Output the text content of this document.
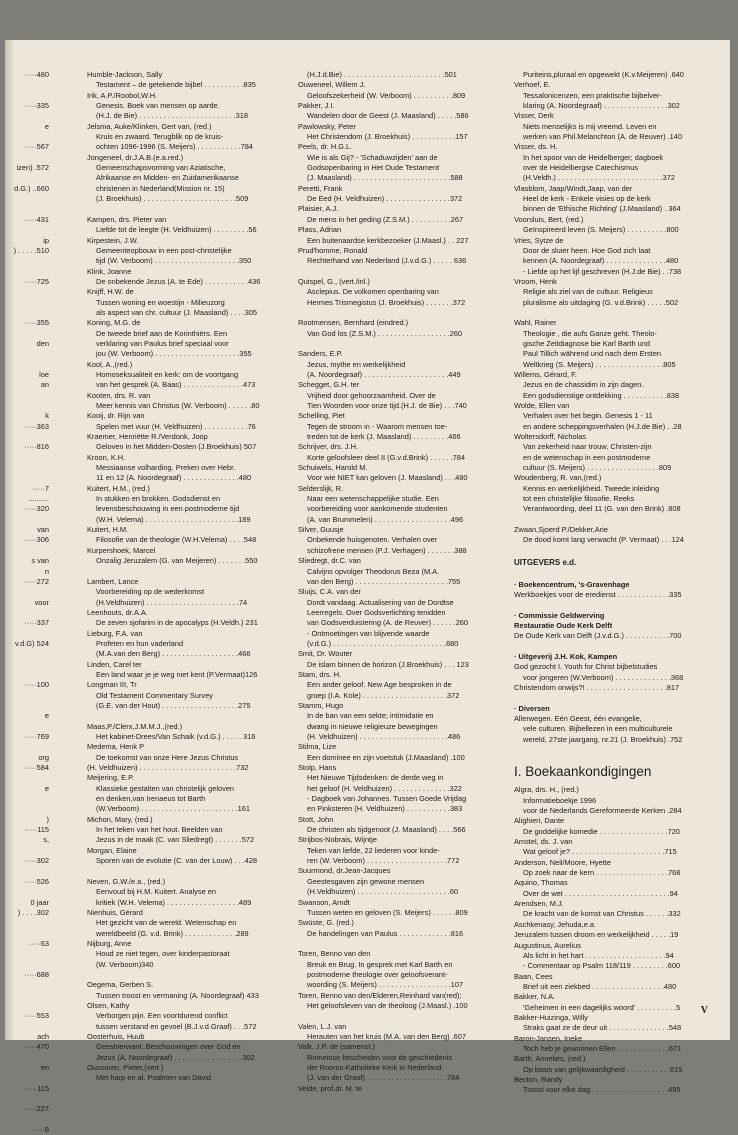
·····480
·····335
e
·····567
izen) .572
d.G.) ..660
·····431
ip
) . . . . .510
·····725
·····355
den
loe
an
k
·····363
·····816
·····7
..........
·····320
van
·····306
s van
n
·····272
voor
·····337
v.d.G) 524
·····100
e
·····769
org
·····584
e
)
·····115
s,
·····302
·····526
0 jaar
) . . . .302
·····63
·····688
·····553
ach
·····470
en
·····115
·····227
·····8
Humble-Jackson, Sally
Testament – de getekende bijbel . . . . . . . . . .835
Irik, A.P./Roobol,W.H.
Genesis. Boek van mensen op aarde.
(H.J. de Bie) . . . . . . . . . . . . . . . . . . . . . . . .318
Jelsma, Auke/Klinken, Gert van, (red.)
Kruis en zwaard. Terugblik op de kruis-
ochten 1096-1996 (S. Meijers) . . . . . . . . . . .784
Jongeneel, dr.J.A.B.(e.a.red.)
Gemeenschapsvorming van Aziatische,
Afrikaanse en Midden- en Zuidamerikaanse
christenen in Nederland(Mission nr. 15)
(J. Broekhuis) . . . . . . . . . . . . . . . . . . . . . . .509
Kampen, drs. Pieter van
Liefde tot de leegte (H. Veldhuizen) . . . . . . . . .56
Kirpestein, J.W.
Gemeenteopbouw in een post-christelijke
tijd (W. Verboom) . . . . . . . . . . . . . . . . . . . . .350
Klink, Joanne
De onbekende Jezus (A. te Ede) . . . . . . . . . . .436
Knijff, H.W. de
Tussen woning en woestijn - Milieuzorg
als aspect van chr. cultuur (J. Maasland) . . . .305
Koning, M.G. de
De tweede brief aan de Korinthiërs. Een
verklaring van Paulus brief speciaal voor
jou (W. Verboom) . . . . . . . . . . . . . . . . . . . . .355
Kool, A.,(red.)
Homoseksualiteit en kerk: om de voortgang
van het gesprek (A. Baas) . . . . . . . . . . . . . . .473
Kooten, drs. R. van
Meer kennis van Christus (W. Verboom) . . . . . .80
Kooij, dr. Rijn van
Spelen met vuur (H. Veldhuizen) . . . . . . . . . . .76
Kraemer, Henriëtte R./Verdonk, Joop
Geloven in het Midden-Oosten (J.Broekhuis) 507
Kroon, K.H.
Messiaanse volharding. Preken over Hebr.
11 en 12 (A. Noordegraaf) . . . . . . . . . . . . . .480
Kuitert, H.M., (red.)
In stukken en brokken. Godsdienst en
levensbeschouwing in een postmoderne tijd
(W.H. Velema) . . . . . . . . . . . . . . . . . . . . . . .189
Kuitert, H.M.
Filosofie van de theologie (W.H.Velema) . . . .548
Kurpershoek, Marcel
Onzalig Jeruzalem (G. van Meijeren) . . . . . . .550
Lambert, Lance
Voorbereiding op de wederkomst
(H.Veldhuizen) . . . . . . . . . . . . . . . . . . . . . . .74
Leenhouts, dr.A.A.
De zeven sjofarim in de apocalyps (H.Veldh.) 231
Lieburg, F.A. van
Profeten en hun vaderland
(M.A.van den Berg) . . . . . . . . . . . . . . . . . . .466
Linden, Carel ter
Een land waar je je weg niet kent (P.Vermaat)126
Longman III, Tr
Old Testament Commentary Survey
(G.E. van der Hout) . . . . . . . . . . . . . . . . . . .275
Maas,P./Clerx,J.M.M.J.,(red.)
Het kabinet-Drees/Van Schaik (v.d.G.) . . . . . 316
Medema, Henk P
De toekomst van onze Here Jezus Christus
(H. Veldhuizen) . . . . . . . . . . . . . . . . . . . . . . . .732
Meijering, E.P.
Klassieke gestalten van christelijk geloven
en denken,van Irenaeus tot Barth
(W.Verboom) . . . . . . . . . . . . . . . . . . . . . . . .161
Michon, Mary, (red.)
In het teken van het hout. Beelden van
Jezus in de maak (C. van Sliedregt) . . . . . . .572
Morgan, Elaine
Sporen van de evolutie (C. van der Louw) . . .428
Neven, G.W./e.a., (red.)
Eenvoud bij H.M. Kuitert. Analyse en
kritiek (W.H. Velema) . . . . . . . . . . . . . . . . . .489
Nienhuis, Gérard
Het gezicht van de wereld. Wetenschap en
wereldbeeld (G. v.d. Brink) . . . . . . . . . . . . .289
Nijburg, Anne
Houd ze niet tegen, over kinderpastoraat
(W. Verboom)340
Oegema, Gerben S.
Tussen troost en vermaning (A. Noordegraaf) 433
Olsen, Kathy
Verborgen pijn. Een voortdurend conflict
tussen verstand en gevoel (B.J.v.d.Graaf) . . .572
Oosterhuis, Huub
Geestverwant. Beschouwingen over God en
Jezus (A. Noordegraaf) . . . . . . . . . . . . . . . . .302
Oussoren, Pieter,(vert.)
Met harp en al. Psalmen van David
(H.J.d.Bie) . . . . . . . . . . . . . . . . . . . . . . . . .501
Ouweneel, Willem J.
Geloofszekerheid (W. Verboom) . . . . . . . . . .809
Pakker, J.I.
Wandelen door de Geest (J. Maasland) . . . . .586
Pawlowsky, Peter
Het Christendom (J. Broekhuis) . . . . . . . . . . .157
Peels, dr. H.G.L.
Wie is als Gij? - 'Schaduwzijden' aan de
Godsopenbaring in Het Oude Testament
(J. Maasland) . . . . . . . . . . . . . . . . . . . . . . . .588
Peretti, Frank
De Eed (H. Veldhuizen) . . . . . . . . . . . . . . . .372
Plaisier, A.J.
De mens in het geding (Z.S.M.) . . . . . . . . . .267
Plass, Adrian
Een buitenaardse kerkbezoeker (J.Maasl.) . . 227
Prud'homme, Ronald
Rechterhand van Nederland (J.v.d.G.) . . . . . 636
Quispel, G., (vert./inl.)
Asclepius. De volkomen openbaring van
Hermes Trismegistus (J. Broekhuis) . . . . . . .372
Rootmensen, Bernhard (eindred.)
Van God los (Z.S.M.) . . . . . . . . . . . . . . . . . .260
Sanders, E.P.
Jezus, mythe en werkelijkheid
(A. Noordegraaf) . . . . . . . . . . . . . . . . . . . . .449
Schegget, G.H. ter
Vrijheid door gehoorzaamheid. Over de
Tien Woorden voor onze tijd.(H.J. de Bie) . . .740
Schelling, Piet
Tegen de stroom in - Waarom mensen toe-
treden tot de kerk (J. Maasland) . . . . . . . . .466
Schrijver, drs. J.H.
Korte geloofsleer deel II (G.v.d.Brink) . . . . . .784
Schuiwels, Harold M.
Voor wie NIET kan geloven (J. Maasland) . . .480
Selderslijk, R.
Naar een wetenschappelijke studie. Een
voorbereiding voor aankomende studenten
(A. van Brummelen) . . . . . . . . . . . . . . . . . . .496
Silver, Guusje
Onbekende huisgenoten. Verhalen over
schizofrene mensen (P.J. Verhagen) . . . . . . .388
Sliedregt, dr.C. van
Calvijns opvolger Theodorus Beza (M.A.
van den Berg) . . . . . . . . . . . . . . . . . . . . . . .755
Sluijs, C.A. van der
Dordt vandaag. Actualisering van de Dordtse
Leerregels. Over Godsverlichting tenidden
van Godsverduistering (A. de Reuver) . . . . . .260
- Ontmoetingen van blijvende waarde
(v.d.G.) . . . . . . . . . . . . . . . . . . . . . . . . . . . .680
Smit, Dr. Wouter
De islam binnen de horizon (J.Broekhuis) . . . 123
Stam, drs. H.
Een ander geloof. New Age besproken in de
groep (I.A. Kole) . . . . . . . . . . . . . . . . . . . . .372
Stamm, Hugo
In de ban van een sekte; intimidatie en
dwang in nieuwe religieuze bewegingen
(H. Veldhuizen) . . . . . . . . . . . . . . . . . . . . . .486
Stilma, Lize
Een dominee en zijn voetstuk (J.Maasland) .100
Stolp, Hans
Het Nieuwe Tijdsdenken: de derde weg in
het geloof (H. Veldhuizen) . . . . . . . . . . . . . .322
- Dagboek van Johannes. Tussen Goede Vrijdag
en Pinksteren (H. Veldhuizen) . . . . . . . . . . .383
Stott, John
De christen als tijdgenoot (J. Maasland) . . . .566
Strijbos-Nobrais, Wijntje
Teken van liefde, 22 liederen voor kinde-
ren (W. Verboom) . . . . . . . . . . . . . . . . . . . .772
Suurmond, dr.Jean-Jacques
Geestesgaven zijn gewone mensen
(H.Veldhuizen) . . . . . . . . . . . . . . . . . . . . . . .60
Swanson, Arndt
Tussen weten en geloven (S. Meijers) . . . . . .809
Swüste, G. (red.)
De handelingen van Paulus . . . . . . . . . . . . .816
Toren, Benno van den
Breuk en Brug. In gesprek met Karl Barth en
postmoderne theologie over geloofsverant-
woording (S. Meijers) . . . . . . . . . . . . . . . . . .107
Toren, Benno van den/Elderen,Reinhard van(red);
Het geloofsleven van de theoloog (J.Maasl.) .100
Valen, L.J. van
Herauten van het kruis (M.A. van den Berg) .607
Valk, J.P. de (samenst.)
Romeinse bescheiden voor de geschiedenis
der Rooms-Katholieke Kerk in Nederland.
(J. van der Graaf) . . . . . . . . . . . . . . . . . . . .784
Velde, prof.dr. M. te
Puriteins,pluraal en opgewekt (K.v.Meijeren) .640
Verhoef, E.
Tessalonicenzen, een praktische bijbelver-
klaring (A. Noordegraaf) . . . . . . . . . . . . . . . .302
Visser, Derk
Niets menselijks is mij vreemd. Leven en
werken van Phil.Melanchton (A. de Reuver) .140
Visser, ds. H.
In het spoor van de Heidelberger; dagboek
over de Heidelbergse Catechismus
(H.Veldh.) . . . . . . . . . . . . . . . . . . . . . . . . . .372
Vlasblom, Jaap/Windt,Jaap, van der
Heel de kerk - Enkele visies op de kerk
binnen de 'Ethische Richting' (J.Maasland) . 364
Voorsluis, Bert, (red.)
Geïnspireerd leven (S. Meijers) . . . . . . . . . .800
Vries, Sytze de
Door de sluier heen. Hoe God zich laat
kennen (A. Noordegraaf) . . . . . . . . . . . . . . .480
- Liefde op het lijf geschreven (H.J.de Bie) . .738
Vroom, Henk
Religie als ziel van de cultuur. Religieus
pluralisme als uitdaging (G. v.d.Brink) . . . . .502
Wahl, Rainer
Theologie , die aufs Ganze geht. Theolo-
gische Zeitdiagnose bie Karl Barth und
Paul Tillich während und nach dem Ersten
Weltkrieg (S. Meijers) . . . . . . . . . . . . . . . . .805
Willems, Gérard, F.
Jezus en de chassidim in zijn dagen.
Een godsdienstige ontdekking . . . . . . . . . . .838
Wolde, Ellen van
Verhalen over het begin. Genesis 1 - 11
en andere scheppingsverhalen (H.J.de Bie) . .28
Woltersdorff, Nicholas
Van zekerheid naar trouw, Christen-zijn
en de wetenschap in een postmoderne
cultuur (S. Meijers) . . . . . . . . . . . . . . . . . .809
Woudenberg, R. van,(red.)
Kennis en werkelijkheid. Tweede inleiding
tot een christelijke filosofie. Reeks
Verantwoording, deel 11 (G. van den Brink) .808
Zwaan,Sjoerd P./Dekker,Arie
De dood komt lang verwacht (P. Vermaat) . . .124
UITGEVERS e.d.
· Boekencentrum, 's-Gravenhage
Werkboekjes voor de eredienst . . . . . . . . . . . . .335
· Commissie Geldwerving
Restauratie Oude Kerk Delft
De Oude Kerk van Delft (J.v.d.G.) . . . . . . . . . . .700
· Uitgeverij J.H. Kok, Kampen
God gezocht I. Youth for Christ bijbelstudies
voor jongeren (W.Verboom) . . . . . . . . . . . . . .368
Christendom onwijs?! . . . . . . . . . . . . . . . . . . . .817
· Diversen
Allerwegen. Eén Geest, één evangelie,
vele culturen. Bijbellezen in een multiculturele
wereld, 27ste jaargang, nr.21 (J. Broekhuis) .752
I. Boekaankondigingen
Algra, drs. H., (red.)
Informatieboekje 1996
voor de Nederlands Gereformeerde Kerken .284
Alighieri, Dante
De goddelijke komedie . . . . . . . . . . . . . . . . .720
Amstel, ds. J. van
Wat geloof je? . . . . . . . . . . . . . . . . . . . . . . .715
Anderson, Neil/Moore, Hyette
Op zoek naar de kern . . . . . . . . . . . . . . . . . .768
Aquino, Thomas
Over de wet . . . . . . . . . . . . . . . . . . . . . . . . . .94
Arendsen, M.J.
De kracht van de komst van Christus . . . . . .332
Aschkenasy, Jehuda,e.a.
Jeruzalem tussen droom en werkelijkheid . . . . .19
Augustinus, Aurelius
Als licht in het hart . . . . . . . . . . . . . . . . . . . .94
- Commentaar op Psalm 118/119 . . . . . . . . .600
Baan, Cees
Brief uit een ziekbed . . . . . . . . . . . . . . . . . .480
Bakker, N.A.
'Geheimen in een dagelijks woord' . . . . . . . . . .5
Bakker-Huizinga, Willy
Straks gaat ze de deur uit . . . . . . . . . . . . . . .548
Baron-Jansen, Ineke
Toch heb je gewonnen Ellen . . . . . . . . . . . . .671
Barth, Annelies, (red.)
Op basis van gelijkwaardigheid . . . . . . . . . . .615
Becton, Randy
Troost voor elke dag . . . . . . . . . . . . . . . . . . .495
V
